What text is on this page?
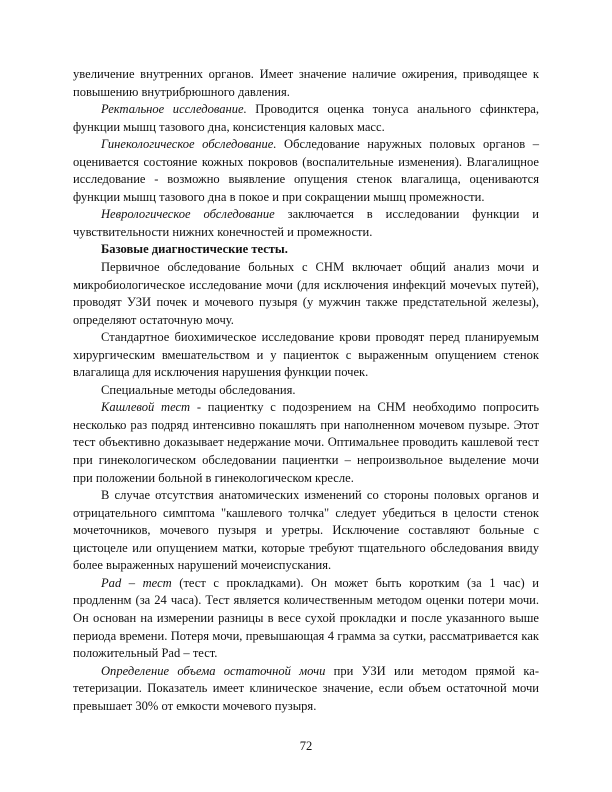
увеличение внутренних органов. Имеет значение наличие ожирения, приводящее к повышению внутрибрюшного давления.

Ректальное исследование. Проводится оценка тонуса анального сфинктера, функции мышц тазового дна, консистенция каловых масс.

Гинекологическое обследование. Обследование наружных половых органов – оценивается состояние кожных покровов (воспалительные изменения). Влагалищное исследование - возможно выявление опущения стенок влагалища, оцениваются функции мышц тазового дна в покое и при сокращении мышц промежности.

Неврологическое обследование заключается в исследовании функции и чувствительности нижних конечностей и промежности.

Базовые диагностические тесты.

Первичное обследование больных с СНМ включает общий анализ мочи и микробиологическое исследование мочи (для исключения инфекций мочеvых путей), проводят УЗИ почек и мочевого пузыря (у мужчин также предстательной железы), определяют остаточную мочу.

Стандартное биохимическое исследование крови проводят перед планируемым хирургическим вмешательством и у пациенток с выраженным опущением стенок влагалища для исключения нарушения функции почек.

Специальные методы обследования.

Кашлевой тест - пациентку с подозрением на СНМ необходимо попросить несколько раз подряд интенсивно покашлять при наполненном мочевом пузыре. Этот тест объективно доказывает недержание мочи. Оптимальнее проводить кашлевой тест при гинекологическом обследовании пациентки – непроизвольное выделение мочи при положении больной в гинекологическом кресле.

В случае отсутствия анатомических изменений со стороны половых органов и отрицательного симптома "кашлевого толчка" следует убедиться в целости стенок мочеточников, мочевого пузыря и уретры. Исключение составляют больные с цистоцеле или опущением матки, которые требуют тщательного обследования ввиду более выраженных нарушений мочеиспускания.

Pad – тест (тест с прокладками). Он может быть коротким (за 1 час) и продленнм (за 24 часа). Тест является количественным методом оценки потери мочи. Он основан на измерении разницы в весе сухой прокладки и после указанного выше периода времени. Потеря мочи, превышающая 4 грамма за сутки, рассматривается как положительный Pad – тест.

Определение объема остаточной мочи при УЗИ или методом прямой катетеризации. Показатель имеет клиническое значение, если объем остаточной мочи превышает 30% от емкости мочевого пузыря.

72
